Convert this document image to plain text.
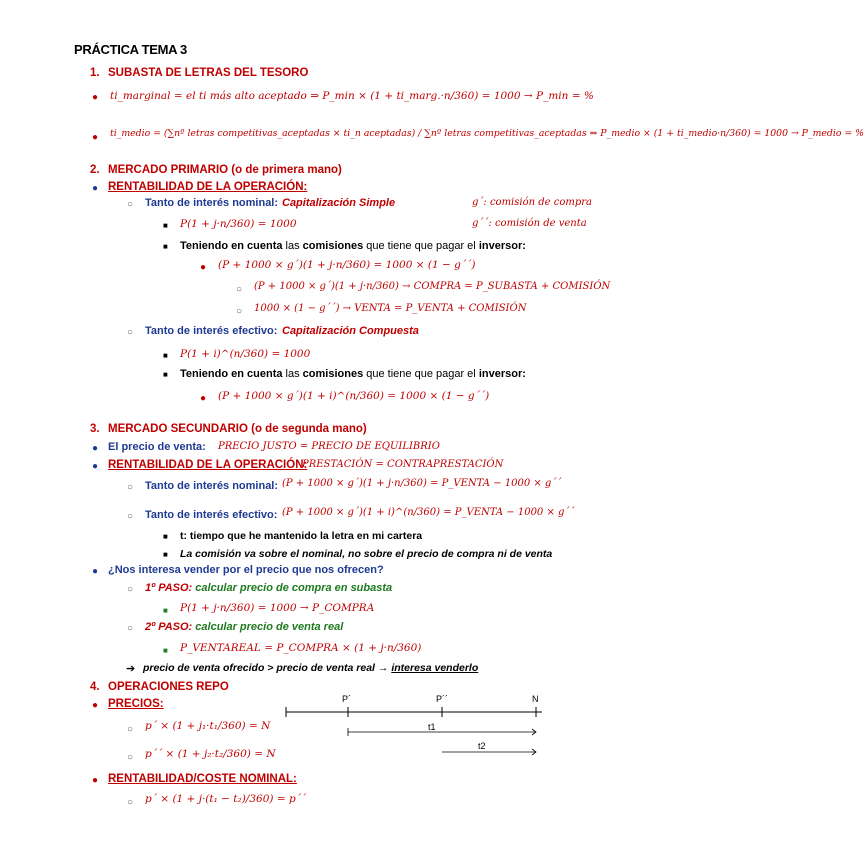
PRÁCTICA TEMA 3
1. SUBASTA DE LETRAS DEL TESORO
● ti_marginal = el ti más alto aceptado ⇒ P_min × (1 + ti_marg.·n/360) = 1000 → P_min = %
● ti_medio = (∑nº letras competitivas_aceptadas × ti_n aceptadas) / ∑nº letras competitivas_aceptadas ⇒ P_medio × (1 + ti_medio·n/360) = 1000 → P_medio = %
2. MERCADO PRIMARIO (o de primera mano)
● RENTABILIDAD DE LA OPERACIÓN:
○ Tanto de interés nominal: Capitalización Simple	g´: comisión de compra
■ P(1 + j·n/360) = 1000	g´´: comisión de venta
■ Teniendo en cuenta las comisiones que tiene que pagar el inversor:
● (P + 1000 × g´)(1 + j·n/360) = 1000 × (1 − g´´)
○ (P + 1000 × g´)(1 + j·n/360) → COMPRA = P_SUBASTA + COMISIÓN
○ 1000 × (1 − g´´) → VENTA = P_VENTA + COMISIÓN
○ Tanto de interés efectivo: Capitalización Compuesta
■ P(1 + i)^(n/360) = 1000
■ Teniendo en cuenta las comisiones que tiene que pagar el inversor:
● (P + 1000 × g´)(1 + i)^(n/360) = 1000 × (1 − g´´)
3. MERCADO SECUNDARIO (o de segunda mano)
● El precio de venta: PRECIO JUSTO = PRECIO DE EQUILIBRIO
● RENTABILIDAD DE LA OPERACIÓN:
PRESTACIÓN = CONTRAPRESTACIÓN
○ Tanto de interés nominal: (P + 1000 × g´)(1 + j·n/360) = P_VENTA − 1000 × g´´
○ Tanto de interés efectivo: (P + 1000 × g´)(1 + i)^(n/360) = P_VENTA − 1000 × g´´
■ t: tiempo que he mantenido la letra en mi cartera
■ La comisión va sobre el nominal, no sobre el precio de compra ni de venta
● ¿Nos interesa vender por el precio que nos ofrecen?
○ 1º PASO: calcular precio de compra en subasta
■ P(1 + j·n/360) = 1000 → P_COMPRA
○ 2º PASO: calcular precio de venta real
■ P_VENTAREAL = P_COMPRA × (1 + j·n/360)
➔ precio de venta ofrecido > precio de venta real → interesa venderlo
4. OPERACIONES REPO
● PRECIOS:
○ p´ × (1 + j₁·t₁/360) = N
○ p´´ × (1 + j₂·t₂/360) = N
● RENTABILIDAD/COSTE NOMINAL:
○ p´ × (1 + j·(t₁ − t₂)/360) = p´´
P´	P´´	N
t1
t2
